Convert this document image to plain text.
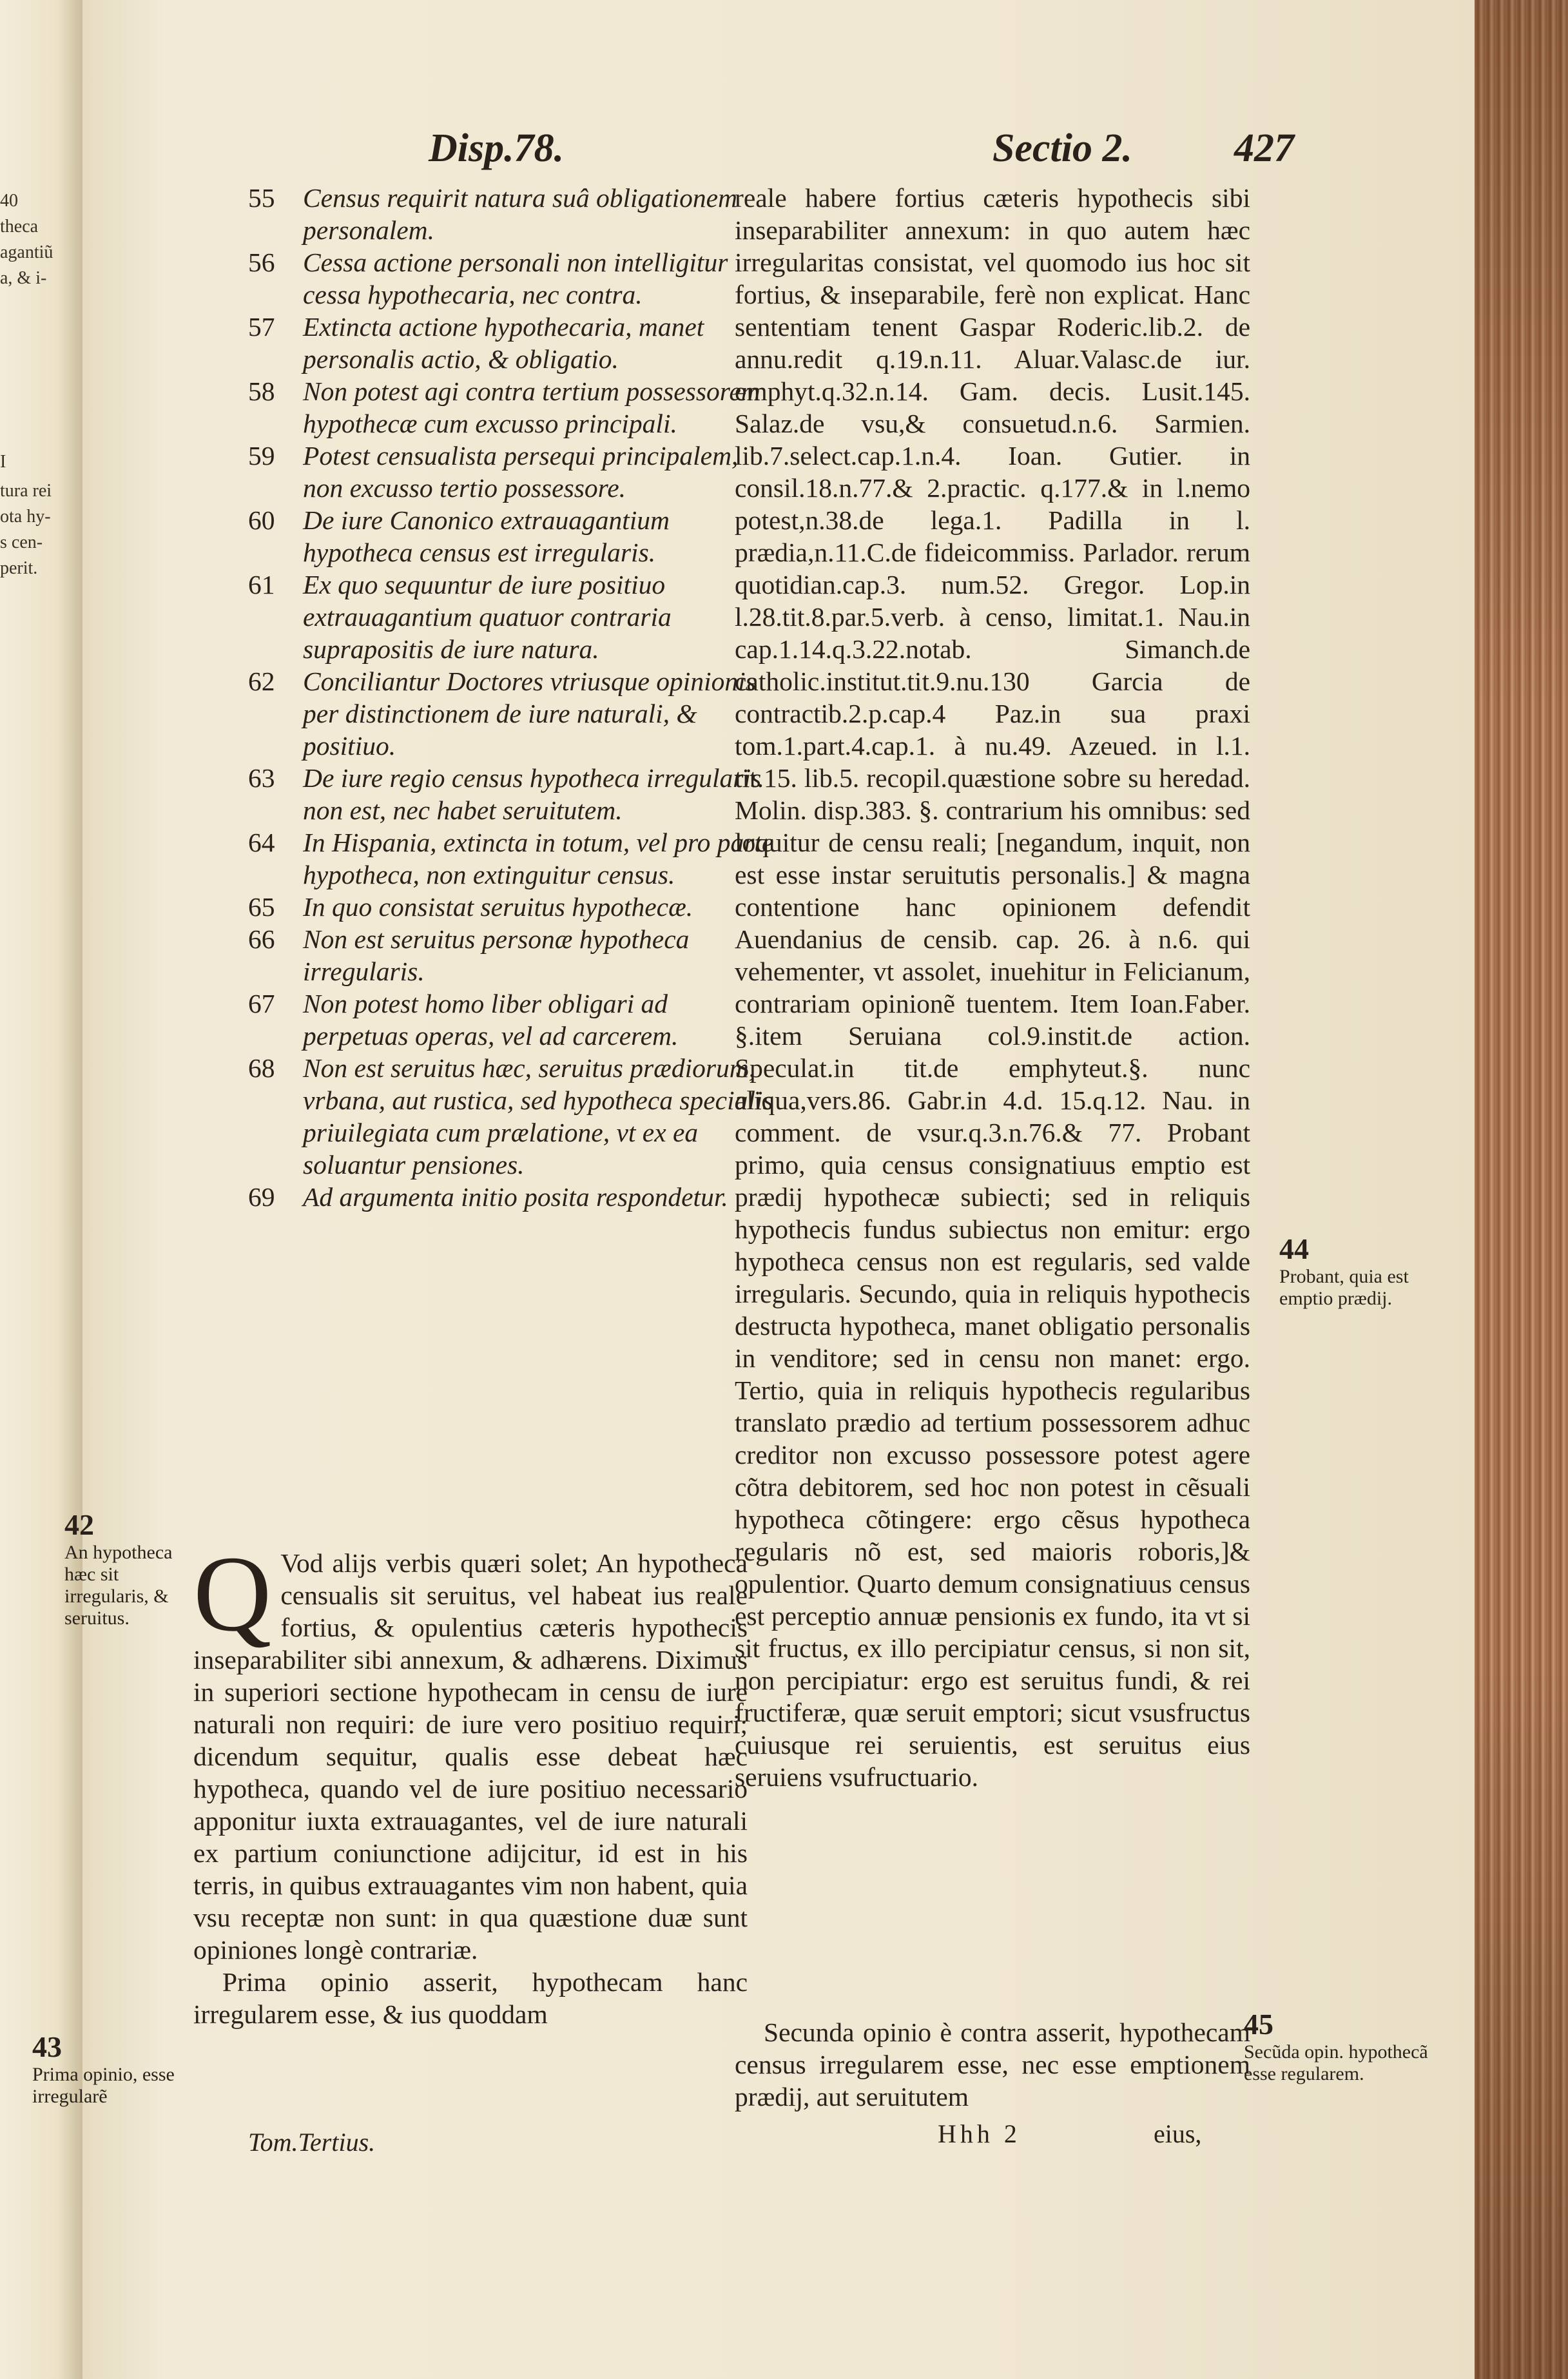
40
theca
agantiũ
a, & i-
I
tura rei
ota hy-
s cen-
perit.
Disp.78.	Sectio 2.	427

55	Census requirit natura suâ obligationem personalem.

56	Cessa actione personali non intelligitur cessa hypothecaria, nec contra.

57	Extincta actione hypothecaria, manet personalis actio, & obligatio.

58	Non potest agi contra tertium possessorem hypothecæ cum excusso principali.

59	Potest censualista persequi principalem, non excusso tertio possessore.

60	De iure Canonico extrauagantium hypotheca census est irregularis.

61	Ex quo sequuntur de iure positiuo extrauagantium quatuor contraria suprapositis de iure natura.

62	Conciliantur Doctores vtriusque opinionis per distinctionem de iure naturali, & positiuo.

63	De iure regio census hypotheca irregularis non est, nec habet seruitutem.

64	In Hispania, extincta in totum, vel pro parte hypotheca, non extinguitur census.

65	In quo consistat seruitus hypothecæ.

66	Non est seruitus personæ hypotheca irregularis.

67	Non potest homo liber obligari ad perpetuas operas, vel ad carcerem.

68	Non est seruitus hæc, seruitus prædiorum, vrbana, aut rustica, sed hypotheca specialis priuilegiata cum prælatione, vt ex ea soluantur pensiones.

69	Ad argumenta initio posita respondetur.

reale habere fortius cæteris hypothecis sibi inseparabiliter annexum: in quo autem hæc irregularitas consistat, vel quomodo ius hoc sit fortius, & inseparabile, ferè non explicat. Hanc sententiam tenent Gaspar Roderic.lib.2. de annu.redit q.19.n.11. Aluar.Valasc.de iur. emphyt.q.32.n.14. Gam. decis. Lusit.145. Salaz.de vsu,& consuetud.n.6. Sarmien. lib.7.select.cap.1.n.4. Ioan. Gutier. in consil.18.n.77.& 2.practic. q.177.& in l.nemo potest,n.38.de lega.1. Padilla in l. prædia,n.11.C.de fideicommiss. Parlador. rerum quotidian.cap.3. num.52. Gregor. Lop.in l.28.tit.8.par.5.verb. à censo, limitat.1. Nau.in cap.1.14.q.3.22.notab. Simanch.de catholic.institut.tit.9.nu.130 Garcia de contractib.2.p.cap.4 Paz.in sua praxi tom.1.part.4.cap.1. à nu.49. Azeued. in l.1. tit.15. lib.5. recopil.quæstione sobre su heredad. Molin. disp.383. §. contrarium his omnibus: sed loquitur de censu reali; [negandum, inquit, non est esse instar seruitutis personalis.] & magna contentione hanc opinionem defendit Auendanius de censib. cap. 26. à n.6. qui vehementer, vt assolet, inuehitur in Felicianum, contrariam opinionẽ tuentem. Item Ioan.Faber. §.item Seruiana col.9.instit.de action. Speculat.in tit.de emphyteut.§. nunc aliqua,vers.86. Gabr.in 4.d. 15.q.12. Nau. in comment. de vsur.q.3.n.76.& 77. Probant primo, quia census consignatiuus emptio est prædij hypothecæ subiecti; sed in reliquis hypothecis fundus subiectus non emitur: ergo hypotheca census non est regularis, sed valde irregularis. Secundo, quia in reliquis hypothecis destructa hypotheca, manet obligatio personalis in venditore; sed in censu non manet: ergo. Tertio, quia in reliquis hypothecis regularibus translato prædio ad tertium possessorem adhuc creditor non excusso possessore potest agere cõtra debitorem, sed hoc non potest in cẽsuali hypotheca cõtingere: ergo cẽsus hypotheca regularis nõ est, sed maioris roboris,]& opulentior. Quarto demum consignatiuus census est perceptio annuæ pensionis ex fundo, ita vt si sit fructus, ex illo percipiatur census, si non sit, non percipiatur: ergo est seruitus fundi, & rei fructiferæ, quæ seruit emptori; sicut vsusfructus cuiusque rei seruientis, est seruitus eius seruiens vsufructuario.

Q Vod alijs verbis quæri solet; An hypotheca censualis sit seruitus, vel habeat ius reale fortius, & opulentius cæteris hypothecis inseparabiliter sibi annexum, & adhærens. Diximus in superiori sectione hypothecam in censu de iure naturali non requiri: de iure vero positiuo requiri; dicendum sequitur, qualis esse debeat hæc hypotheca, quando vel de iure positiuo necessario apponitur iuxta extrauagantes, vel de iure naturali ex partium coniunctione adijcitur, id est in his terris, in quibus extrauagantes vim non habent, quia vsu receptæ non sunt: in qua quæstione duæ sunt opiniones longè contrariæ.

Prima opinio asserit, hypothecam hanc irregularem esse, & ius quoddam

Secunda opinio è contra asserit, hypothecam census irregularem esse, nec esse emptionem prædij, aut seruitutem

42
An hypotheca hæc sit irregularis, & seruitus.
43
Prima opinio, esse irregularẽ
44
Probant, quia est emptio prædij.
45
Secũda opin. hypothecã esse regularem.
Tom.Tertius.	Hhh 2	eius,
